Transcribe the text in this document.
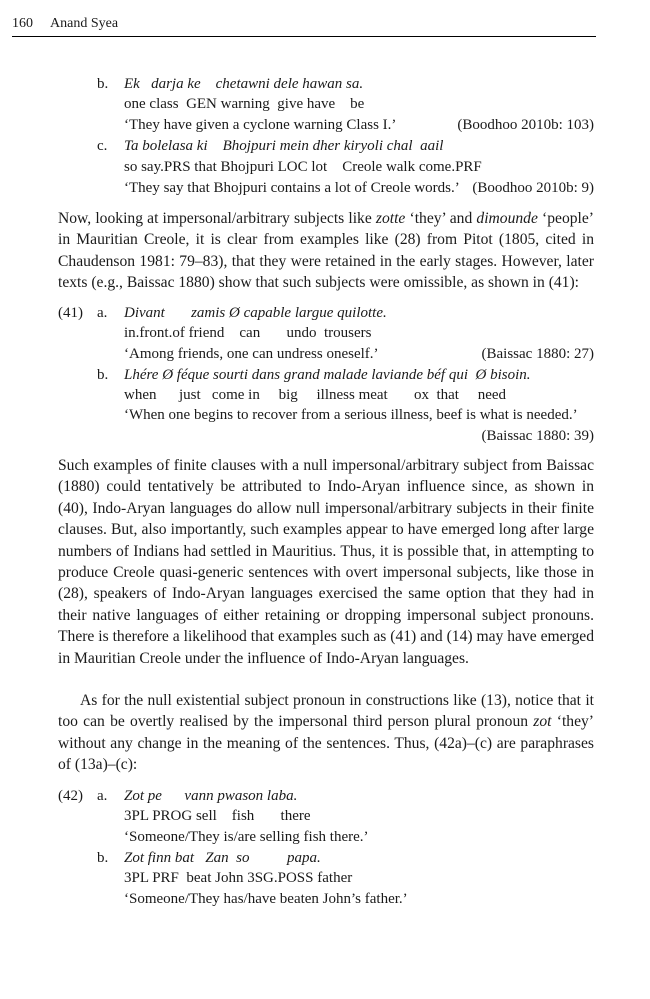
160 Anand Syea
b. Ek   darja ke    chetawni dele hawan sa.
one class  GEN warning  give have    be
‘They have given a cyclone warning Class I.’	(Boodhoo 2010b: 103)
c. Ta bolelasa ki    Bhojpuri mein dher kiryoli chal  aail
so say.PRS that Bhojpuri LOC lot    Creole walk come.PRF
‘They say that Bhojpuri contains a lot of Creole words.’ (Boodhoo 2010b: 9)

Now, looking at impersonal/arbitrary subjects like zotte ‘they’ and dimounde ‘people’ in Mauritian Creole, it is clear from examples like (28) from Pitot (1805, cited in Chaudenson 1981: 79–83), that they were retained in the early stages. However, later texts (e.g., Baissac 1880) show that such subjects were omissible, as shown in (41):

(41) a. Divant       zamis Ø capable largue quilotte.
in.front.of friend    can       undo  trousers
‘Among friends, one can undress oneself.’	(Baissac 1880: 27)
b. Lhére Ø féque sourti dans grand malade laviande béf qui  Ø bisoin.
when      just   come in     big     illness meat       ox  that     need
‘When one begins to recover from a serious illness, beef is what is needed.’
(Baissac 1880: 39)

Such examples of finite clauses with a null impersonal/arbitrary subject from Baissac (1880) could tentatively be attributed to Indo-Aryan influence since, as shown in (40), Indo-Aryan languages do allow null impersonal/arbitrary subjects in their finite clauses. But, also importantly, such examples appear to have emerged long after large numbers of Indians had settled in Mauritius. Thus, it is possible that, in attempting to produce Creole quasi-generic sentences with overt impersonal subjects, like those in (28), speakers of Indo-Aryan languages exercised the same option that they had in their native languages of either retaining or dropping impersonal subject pronouns. There is therefore a likelihood that examples such as (41) and (14) may have emerged in Mauritian Creole under the influence of Indo-Aryan languages.

As for the null existential subject pronoun in constructions like (13), notice that it too can be overtly realised by the impersonal third person plural pronoun zot ‘they’ without any change in the meaning of the sentences. Thus, (42a)–(c) are paraphrases of (13a)–(c):

(42) a. Zot pe      vann pwason laba.
3PL PROG sell    fish       there
‘Someone/They is/are selling fish there.’
b. Zot finn bat   Zan  so          papa.
3PL PRF  beat John 3SG.POSS father
‘Someone/They has/have beaten John’s father.’
